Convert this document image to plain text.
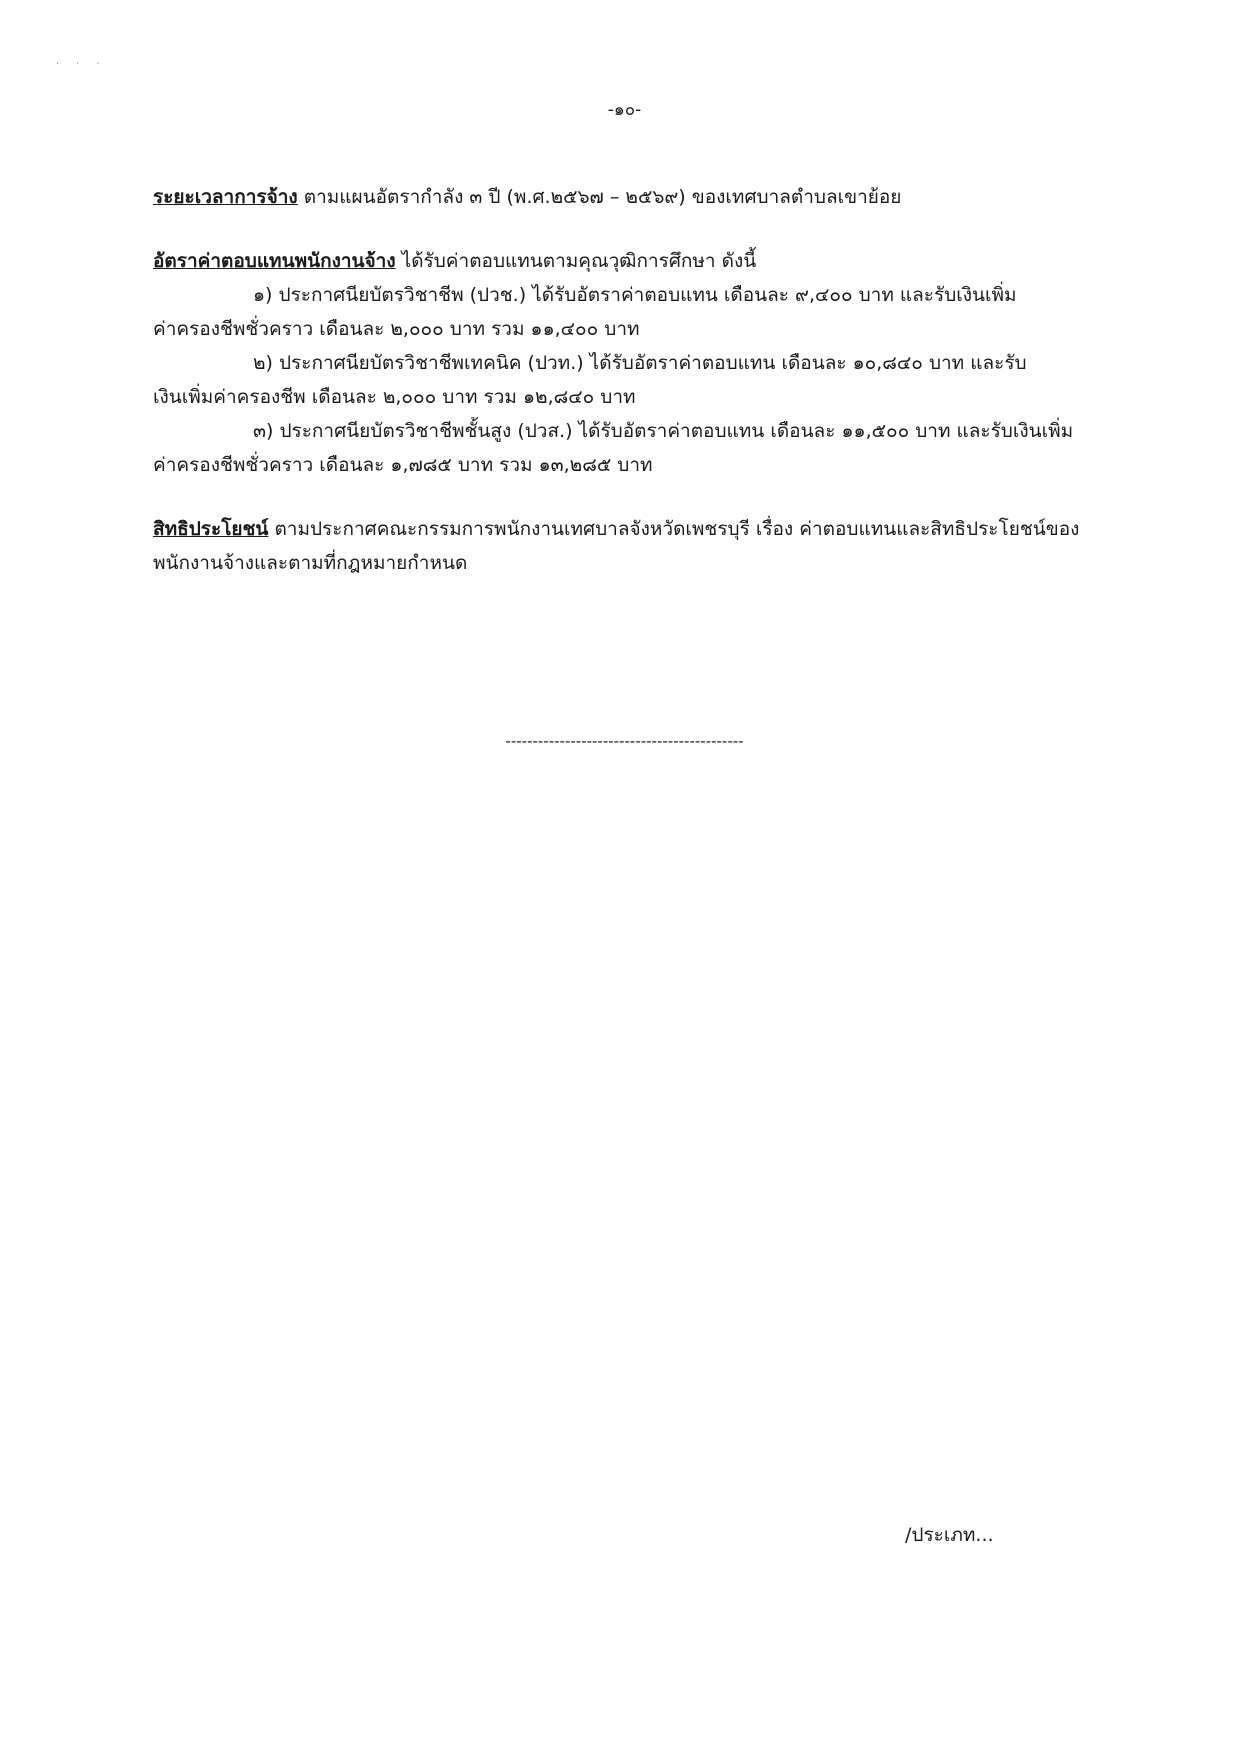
˙ ˙ ˙
-๑๐-

ระยะเวลาการจ้าง ตามแผนอัตรากำลัง ๓ ปี (พ.ศ.๒๕๖๗ – ๒๕๖๙) ของเทศบาลตำบลเขาย้อย

อัตราค่าตอบแทนพนักงานจ้าง ได้รับค่าตอบแทนตามคุณวุฒิการศึกษา ดังนี้

๑) ประกาศนียบัตรวิชาชีพ (ปวช.) ได้รับอัตราค่าตอบแทน เดือนละ ๙,๔๐๐ บาท และรับเงินเพิ่ม

ค่าครองชีพชั่วคราว เดือนละ ๒,๐๐๐ บาท รวม ๑๑,๔๐๐ บาท

๒) ประกาศนียบัตรวิชาชีพเทคนิค (ปวท.) ได้รับอัตราค่าตอบแทน เดือนละ ๑๐,๘๔๐ บาท และรับ

เงินเพิ่มค่าครองชีพ เดือนละ ๒,๐๐๐ บาท รวม ๑๒,๘๔๐ บาท

๓) ประกาศนียบัตรวิชาชีพชั้นสูง (ปวส.) ได้รับอัตราค่าตอบแทน เดือนละ ๑๑,๕๐๐ บาท และรับเงินเพิ่ม

ค่าครองชีพชั่วคราว เดือนละ ๑,๗๘๕ บาท รวม ๑๓,๒๘๕ บาท

สิทธิประโยชน์ ตามประกาศคณะกรรมการพนักงานเทศบาลจังหวัดเพชรบุรี เรื่อง ค่าตอบแทนและสิทธิประโยชน์ของ

พนักงานจ้างและตามที่กฎหมายกำหนด

--------------------------------------------
/ประเภท...
